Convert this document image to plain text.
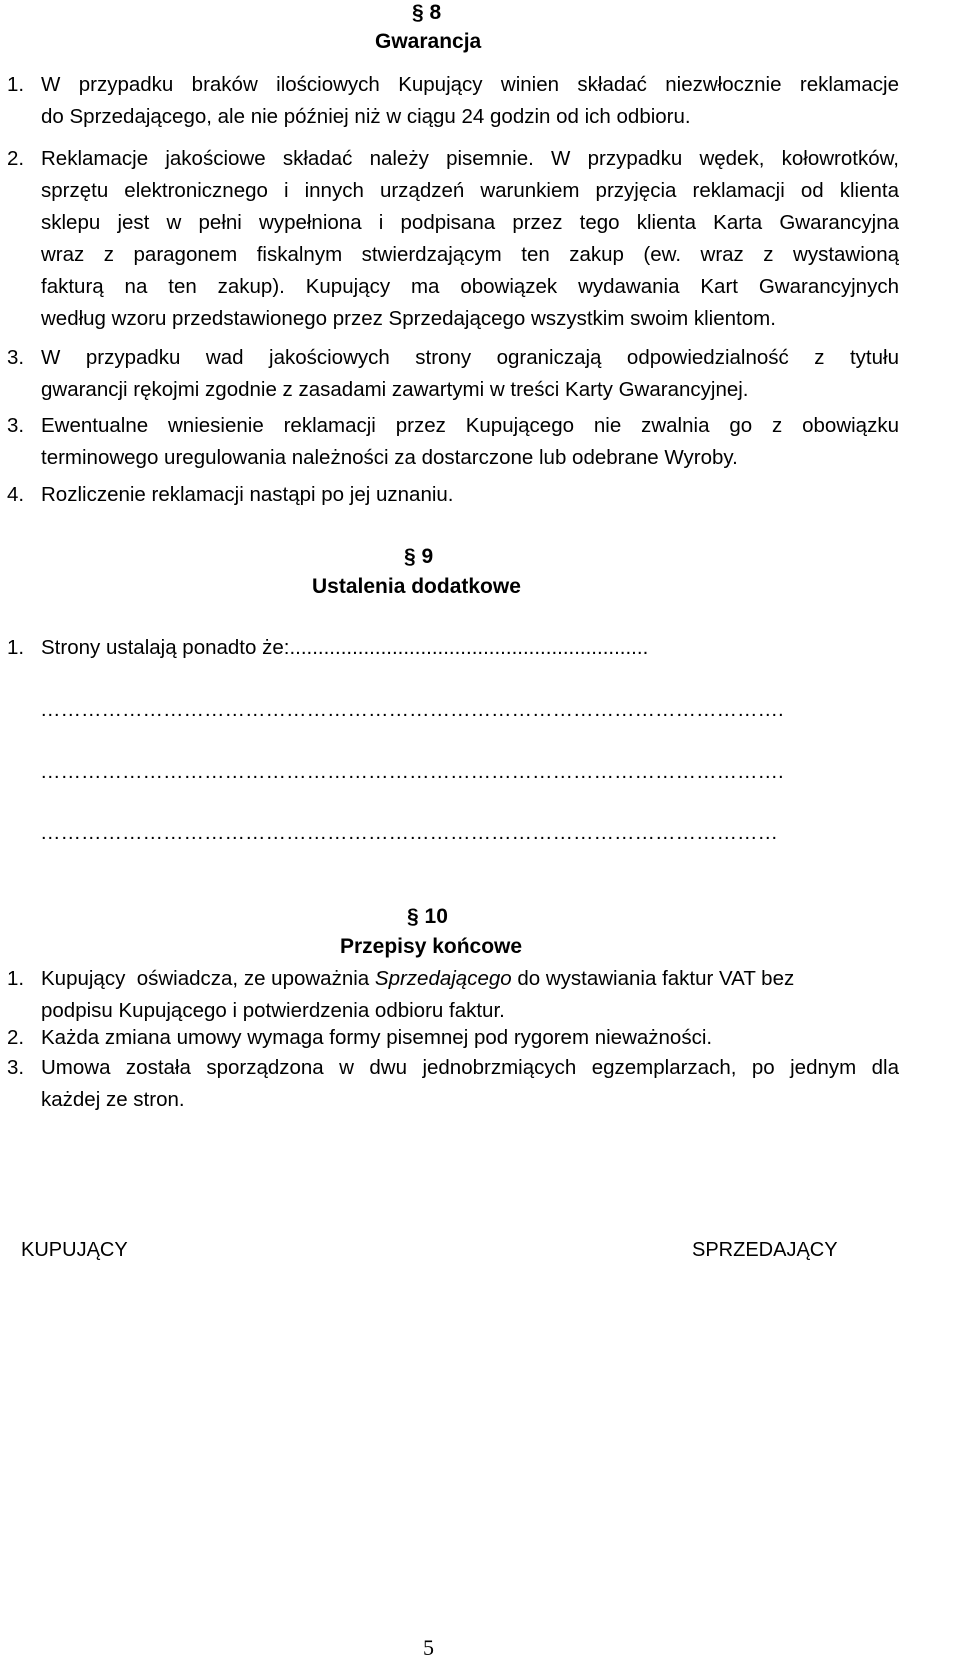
§ 8
Gwarancja
1. W przypadku braków ilościowych Kupujący winien składać niezwłocznie reklamacje
do Sprzedającego, ale nie później niż w ciągu 24 godzin od ich odbioru.
2. Reklamacje jakościowe składać należy pisemnie. W przypadku wędek, kołowrotków,
sprzętu elektronicznego i innych urządzeń warunkiem przyjęcia reklamacji od klienta
sklepu jest w pełni wypełniona i podpisana przez tego klienta Karta Gwarancyjna
wraz z paragonem fiskalnym stwierdzającym ten zakup (ew. wraz z wystawioną
fakturą na ten zakup). Kupujący ma obowiązek wydawania Kart Gwarancyjnych
według wzoru przedstawionego przez Sprzedającego wszystkim swoim klientom.
3. W przypadku wad jakościowych strony ograniczają odpowiedzialność z tytułu
gwarancji rękojmi zgodnie z zasadami zawartymi w treści Karty Gwarancyjnej.
3. Ewentualne wniesienie reklamacji przez Kupującego nie zwalnia go z obowiązku
terminowego uregulowania należności za dostarczone lub odebrane Wyroby.
4. Rozliczenie reklamacji nastąpi po jej uznaniu.
§ 9
Ustalenia dodatkowe
1. Strony ustalają ponadto że:...............................................................
……………………………………………………………………………………………….
……………………………………………………………………………………………….
………………………………………………………………………………………………
§ 10
Przepisy końcowe
1. Kupujący  oświadcza, ze upoważnia Sprzedającego do wystawiania faktur VAT bez
podpisu Kupującego i potwierdzenia odbioru faktur.
2. Każda zmiana umowy wymaga formy pisemnej pod rygorem nieważności.
3. Umowa została sporządzona w dwu jednobrzmiących egzemplarzach, po jednym dla
każdej ze stron.
KUPUJĄCY	SPRZEDAJĄCY
5
